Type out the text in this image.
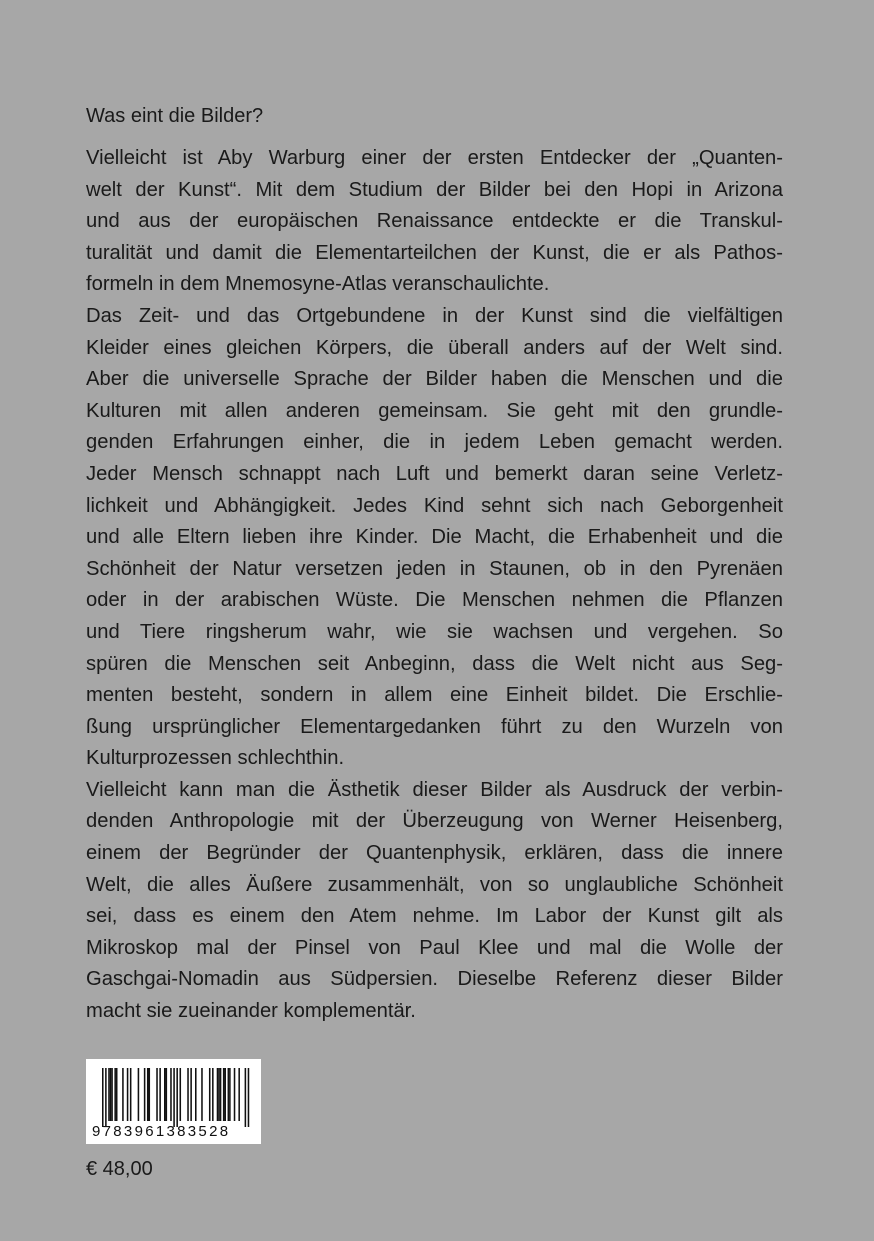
Was eint die Bilder?
Vielleicht ist Aby Warburg einer der ersten Entdecker der „Quanten-
welt der Kunst“. Mit dem Studium der Bilder bei den Hopi in Arizona
und aus der europäischen Renaissance entdeckte er die Transkul-
turalität und damit die Elementarteilchen der Kunst, die er als Pathos-
formeln in dem Mnemosyne-Atlas veranschaulichte.
Das Zeit- und das Ortgebundene in der Kunst sind die vielfältigen
Kleider eines gleichen Körpers, die überall anders auf der Welt sind.
Aber die universelle Sprache der Bilder haben die Menschen und die
Kulturen mit allen anderen gemeinsam. Sie geht mit den grundle-
genden Erfahrungen einher, die in jedem Leben gemacht werden.
Jeder Mensch schnappt nach Luft und bemerkt daran seine Verletz-
lichkeit und Abhängigkeit. Jedes Kind sehnt sich nach Geborgenheit
und alle Eltern lieben ihre Kinder. Die Macht, die Erhabenheit und die
Schönheit der Natur versetzen jeden in Staunen, ob in den Pyrenäen
oder in der arabischen Wüste. Die Menschen nehmen die Pflanzen
und Tiere ringsherum wahr, wie sie wachsen und vergehen. So
spüren die Menschen seit Anbeginn, dass die Welt nicht aus Seg-
menten besteht, sondern in allem eine Einheit bildet. Die Erschlie-
ßung ursprünglicher Elementargedanken führt zu den Wurzeln von
Kulturprozessen schlechthin.
Vielleicht kann man die Ästhetik dieser Bilder als Ausdruck der verbin-
denden Anthropologie mit der Überzeugung von Werner Heisenberg,
einem der Begründer der Quantenphysik, erklären, dass die innere
Welt, die alles Äußere zusammenhält, von so unglaubliche Schönheit
sei, dass es einem den Atem nehme. Im Labor der Kunst gilt als
Mikroskop mal der Pinsel von Paul Klee und mal die Wolle der
Gaschgai-Nomadin aus Südpersien. Dieselbe Referenz dieser Bilder
macht sie zueinander komplementär.
9783961383528
€ 48,00
